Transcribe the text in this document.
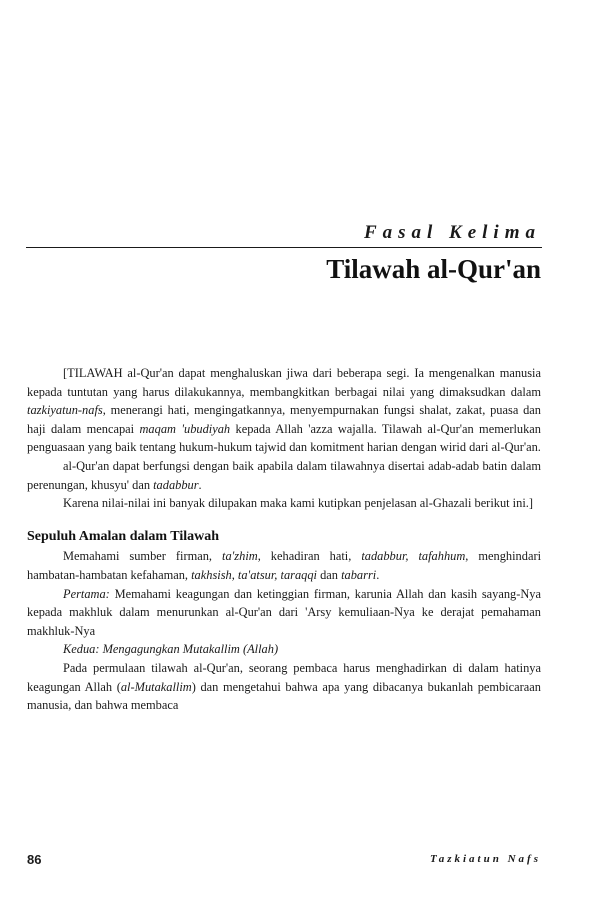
Fasal Kelima
Tilawah al-Qur'an

[TILAWAH al-Qur'an dapat menghaluskan jiwa dari beberapa segi. Ia mengenalkan manusia kepada tuntutan yang harus dilakukannya, membangkitkan berbagai nilai yang dimaksudkan dalam tazkiyatun-nafs, menerangi hati, mengingatkannya, menyempurnakan fungsi shalat, zakat, puasa dan haji dalam mencapai maqam 'ubudiyah kepada Allah 'azza wajalla. Tilawah al-Qur'an memerlukan penguasaan yang baik tentang hukum-hukum tajwid dan komitment harian dengan wirid dari al-Qur'an.

al-Qur'an dapat berfungsi dengan baik apabila dalam tilawahnya disertai adab-adab batin dalam perenungan, khusyu' dan tadabbur.

Karena nilai-nilai ini banyak dilupakan maka kami kutipkan penjelasan al-Ghazali berikut ini.]

Sepuluh Amalan dalam Tilawah

Memahami sumber firman, ta'zhim, kehadiran hati, tadabbur, tafahhum, menghindari hambatan-hambatan kefahaman, takhsish, ta'atsur, taraqqi dan tabarri.

Pertama: Memahami keagungan dan ketinggian firman, karunia Allah dan kasih sayang-Nya kepada makhluk dalam menurunkan al-Qur'an dari 'Arsy kemuliaan-Nya ke derajat pemahaman makhluk-Nya

Kedua: Mengagungkan Mutakallim (Allah)

Pada permulaan tilawah al-Qur'an, seorang pembaca harus menghadirkan di dalam hatinya keagungan Allah (al-Mutakallim) dan mengetahui bahwa apa yang dibacanya bukanlah pembicaraan manusia, dan bahwa membaca

86	Tazkiatun Nafs
